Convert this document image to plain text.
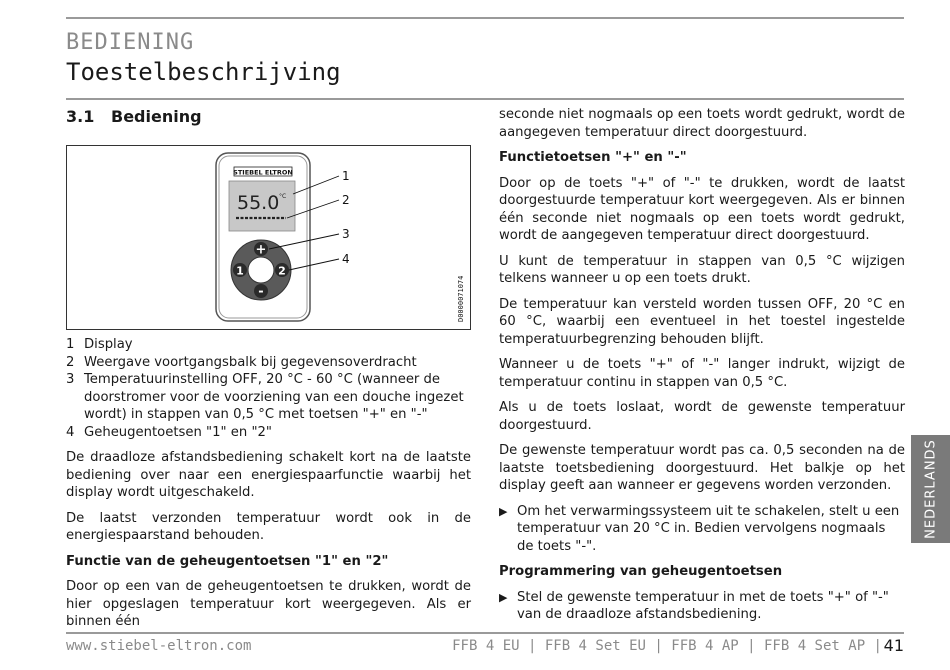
BEDIENING
Toestelbeschrijving
3.1 Bediening
STIEBEL ELTRON
55.0 °C
+
-
1	2
1
2
3
4
D0000071074
1 Display
2 Weergave voortgangsbalk bij gegevensoverdracht
3 Temperatuurinstelling OFF, 20 °C - 60 °C (wanneer de doorstromer voor de voorziening van een douche ingezet wordt) in stappen van 0,5 °C met toetsen "+" en "-"
4 Geheugentoetsen "1" en "2"

De draadloze afstandsbediening schakelt kort na de laatste bediening over naar een energiespaarfunctie waarbij het display wordt uitgeschakeld.

De laatst verzonden temperatuur wordt ook in de energiespaarstand behouden.

Functie van de geheugentoetsen "1" en "2"

Door op een van de geheugentoetsen te drukken, wordt de hier opgeslagen temperatuur kort weergegeven. Als er binnen één

seconde niet nogmaals op een toets wordt gedrukt, wordt de aangegeven temperatuur direct doorgestuurd.

Functietoetsen "+" en "-"

Door op de toets "+" of "-" te drukken, wordt de laatst doorgestuurde temperatuur kort weergegeven. Als er binnen één seconde niet nogmaals op een toets wordt gedrukt, wordt de aangegeven temperatuur direct doorgestuurd.

U kunt de temperatuur in stappen van 0,5 °C wijzigen telkens wanneer u op een toets drukt.

De temperatuur kan versteld worden tussen OFF, 20 °C en 60 °C, waarbij een eventueel in het toestel ingestelde temperatuurbegrenzing behouden blijft.

Wanneer u de toets "+" of "-" langer indrukt, wijzigt de temperatuur continu in stappen van 0,5 °C.

Als u de toets loslaat, wordt de gewenste temperatuur doorgestuurd.

De gewenste temperatuur wordt pas ca. 0,5 seconden na de laatste toetsbediening doorgestuurd. Het balkje op het display geeft aan wanneer er gegevens worden verzonden.

▶ Om het verwarmingssysteem uit te schakelen, stelt u een temperatuur van 20 °C in. Bedien vervolgens nogmaals de toets "-".
Programmering van geheugentoetsen
▶ Stel de gewenste temperatuur in met de toets "+" of "-" van de draadloze afstandsbediening.
NEDERLANDS
www.stiebel-eltron.com	FFB 4 EU | FFB 4 Set EU | FFB 4 AP | FFB 4 Set AP | 41
